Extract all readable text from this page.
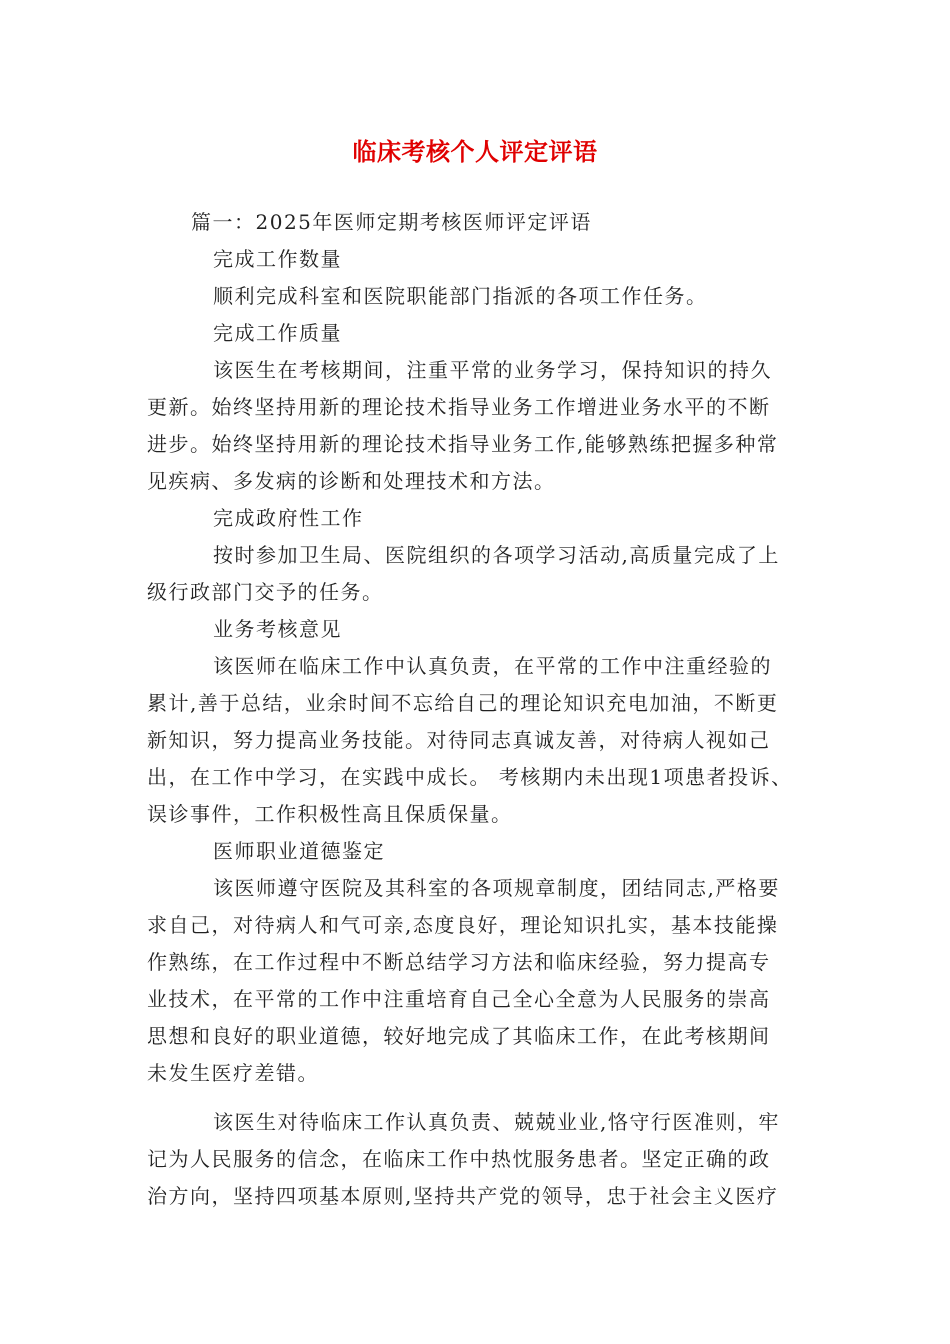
临床考核个人评定评语
篇一：2025年医师定期考核医师评定评语
完成工作数量
顺利完成科室和医院职能部门指派的各项工作任务。
完成工作质量
该医生在考核期间，注重平常的业务学习，保持知识的持久
更新。始终坚持用新的理论技术指导业务工作增进业务水平的不断
进步。始终坚持用新的理论技术指导业务工作,能够熟练把握多种常
见疾病、多发病的诊断和处理技术和方法。
完成政府性工作
按时参加卫生局、医院组织的各项学习活动,高质量完成了上
级行政部门交予的任务。
业务考核意见
该医师在临床工作中认真负责，在平常的工作中注重经验的
累计,善于总结，业余时间不忘给自己的理论知识充电加油，不断更
新知识，努力提高业务技能。对待同志真诚友善，对待病人视如己
出，在工作中学习，在实践中成长。 考核期内未出现1项患者投诉、
误诊事件，工作积极性高且保质保量。
医师职业道德鉴定
该医师遵守医院及其科室的各项规章制度，团结同志,严格要
求自己，对待病人和气可亲,态度良好，理论知识扎实，基本技能操
作熟练，在工作过程中不断总结学习方法和临床经验，努力提高专
业技术，在平常的工作中注重培育自己全心全意为人民服务的崇高
思想和良好的职业道德，较好地完成了其临床工作，在此考核期间
未发生医疗差错。
该医生对待临床工作认真负责、兢兢业业,恪守行医准则，牢
记为人民服务的信念，在临床工作中热忱服务患者。坚定正确的政
治方向，坚持四项基本原则,坚持共产党的领导，忠于社会主义医疗
